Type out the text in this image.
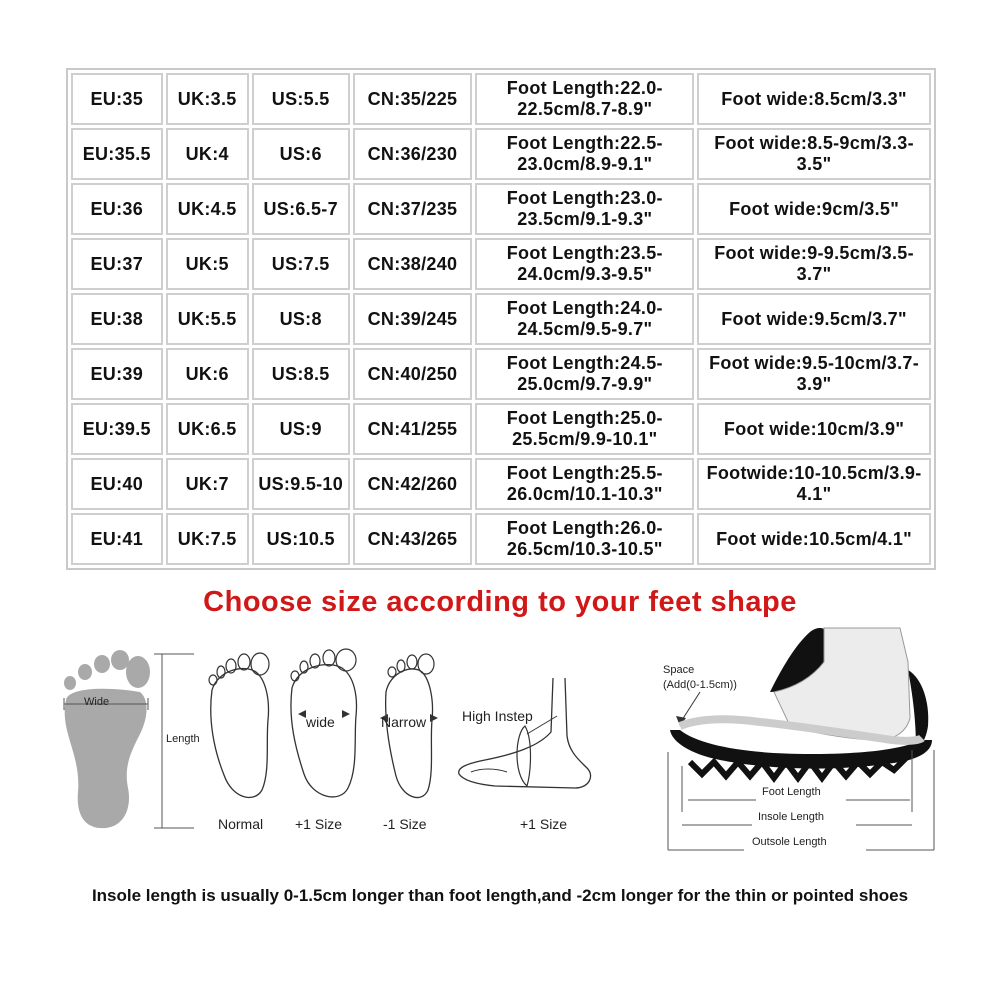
EU:35	UK:3.5	US:5.5	CN:35/225	Foot Length:22.0-22.5cm/8.7-8.9"	Foot wide:8.5cm/3.3"
EU:35.5	UK:4	US:6	CN:36/230	Foot Length:22.5-23.0cm/8.9-9.1"	Foot wide:8.5-9cm/3.3-3.5"
EU:36	UK:4.5	US:6.5-7	CN:37/235	Foot Length:23.0-23.5cm/9.1-9.3"	Foot wide:9cm/3.5"
EU:37	UK:5	US:7.5	CN:38/240	Foot Length:23.5-24.0cm/9.3-9.5"	Foot wide:9-9.5cm/3.5-3.7"
EU:38	UK:5.5	US:8	CN:39/245	Foot Length:24.0-24.5cm/9.5-9.7"	Foot wide:9.5cm/3.7"
EU:39	UK:6	US:8.5	CN:40/250	Foot Length:24.5-25.0cm/9.7-9.9"	Foot wide:9.5-10cm/3.7-3.9"
EU:39.5	UK:6.5	US:9	CN:41/255	Foot Length:25.0-25.5cm/9.9-10.1"	Foot wide:10cm/3.9"
EU:40	UK:7	US:9.5-10	CN:42/260	Foot Length:25.5-26.0cm/10.1-10.3"	Footwide:10-10.5cm/3.9-4.1"
EU:41	UK:7.5	US:10.5	CN:43/265	Foot Length:26.0-26.5cm/10.3-10.5"	Foot wide:10.5cm/4.1"
Choose size according to your feet shape
Wide
Length
Normal
wide
+1 Size
Narrow
-1 Size
High Instep
+1 Size
Space
(Add(0-1.5cm))
Foot Length
Insole Length
Outsole Length
Insole length is usually 0-1.5cm longer than foot length,and -2cm longer for the thin or pointed shoes
